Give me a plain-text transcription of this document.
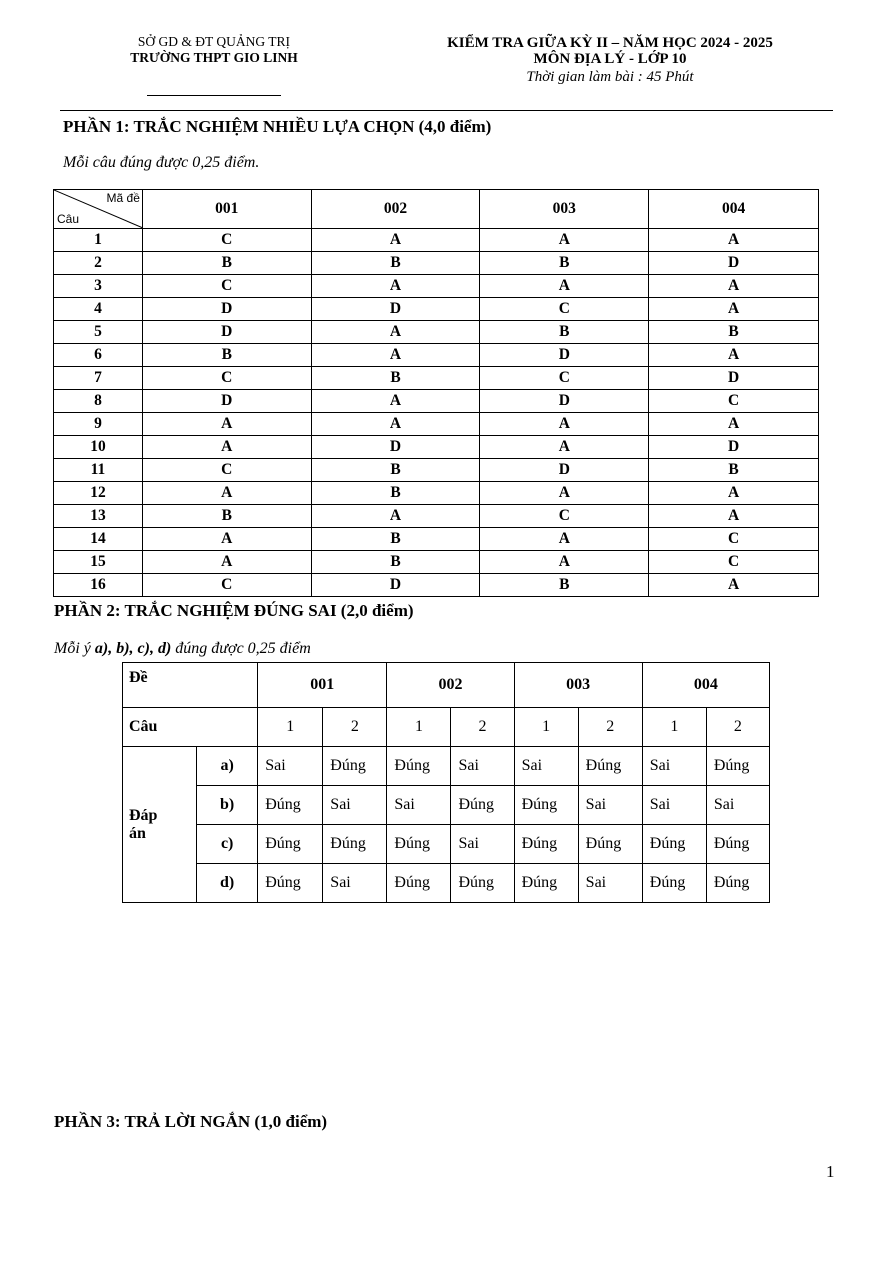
SỞ GD & ĐT QUẢNG TRỊ
TRƯỜNG THPT GIO LINH
KIỂM TRA GIỮA KỲ II – NĂM HỌC 2024 - 2025
MÔN ĐỊA LÝ - LỚP 10
Thời gian làm bài : 45 Phút
PHẦN 1: TRẮC NGHIỆM NHIỀU LỰA CHỌN (4,0 điểm)
Mỗi câu đúng được 0,25 điểm.
Mã đề
Câu	001	002	003	004
1	C	A	A	A
2	B	B	B	D
3	C	A	A	A
4	D	D	C	A
5	D	A	B	B
6	B	A	D	A
7	C	B	C	D
8	D	A	D	C
9	A	A	A	A
10	A	D	A	D
11	C	B	D	B
12	A	B	A	A
13	B	A	C	A
14	A	B	A	C
15	A	B	A	C
16	C	D	B	A
PHẦN 2: TRẮC NGHIỆM ĐÚNG SAI (2,0 điểm)
Mỗi ý a), b), c), d) đúng được 0,25 điểm
Đề		001		002		003		004	
Câu		1	2	1	2	1	2	1	2
Đáp án	a)	Sai	Đúng	Đúng	Sai	Sai	Đúng	Sai	Đúng
	b)	Đúng	Sai	Sai	Đúng	Đúng	Sai	Sai	Sai
	c)	Đúng	Đúng	Đúng	Sai	Đúng	Đúng	Đúng	Đúng
	d)	Đúng	Sai	Đúng	Đúng	Đúng	Sai	Đúng	Đúng
PHẦN 3: TRẢ LỜI NGẮN (1,0 điểm)
1
